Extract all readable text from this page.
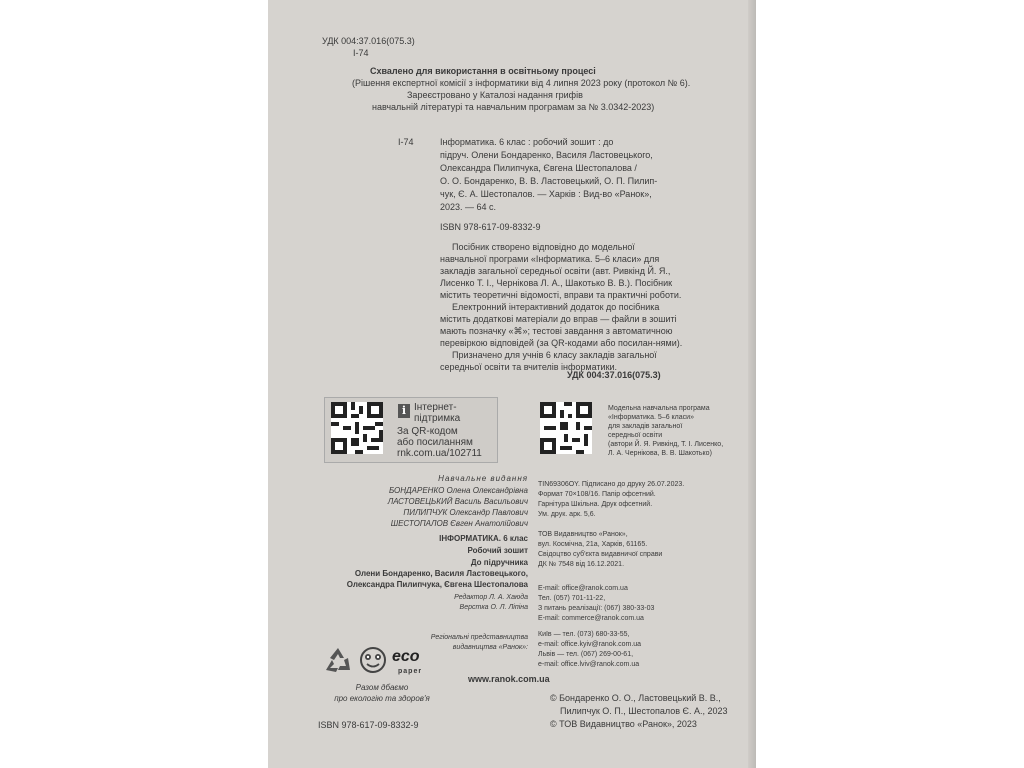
УДК 004:37.016(075.3)
І-74
Схвалено для використання в освітньому процесі
(Рішення експертної комісії з інформатики від 4 липня 2023 року (протокол № 6).
Зареєстровано у Каталозі надання грифів
навчальній літературі та навчальним програмам за № 3.0342-2023)
І-74	Інформатика. 6 клас : робочий зошит : до
підруч. Олени Бондаренко, Василя Ластовецького,
Олександра Пилипчука, Євгена Шестопалова /
О. О. Бондаренко, В. В. Ластовецький, О. П. Пилип-
чук, Є. А. Шестопалов. — Харків : Вид-во «Ранок»,
2023. — 64 с.
ISBN 978-617-09-8332-9
Посібник створено відповідно до модельної
навчальної програми «Інформатика. 5–6 класи» для
закладів загальної середньої освіти (авт. Ривкінд Й. Я.,
Лисенко Т. І., Чернікова Л. А., Шакотько В. В.). Посібник
містить теоретичні відомості, вправи та практичні роботи.
Електронний інтерактивний додаток до посібника
містить додаткові матеріали до вправ — файли в зошиті
мають позначку «⌘»; тестові завдання з автоматичною
перевіркою відповідей (за QR-кодами або посилан-нями).
Призначено для учнів 6 класу закладів загальної
середньої освіти та вчителів інформатики.
УДК 004:37.016(075.3)
i Інтернет-
підтримка
За QR-кодом
або посиланням
rnk.com.ua/102711
Модельна навчальна програма
«Інформатика. 5–6 класи»
для закладів загальної
середньої освіти
(автори Й. Я. Ривкінд, Т. І. Лисенко,
Л. А. Чернікова, В. В. Шакотько)
Навчальне видання
БОНДАРЕНКО Олена Олександрівна
ЛАСТОВЕЦЬКИЙ Василь Васильович
ПИЛИПЧУК Олександр Павлович
ШЕСТОПАЛОВ Євген Анатолійович
ІНФОРМАТИКА. 6 клас
Робочий зошит
До підручника
Олени Бондаренко, Василя Ластовецького,
Олександра Пилипчука, Євгена Шестопалова
Редактор Л. А. Хаюда
Верстка О. Л. Ліпіна
Регіональні представництва
видавництва «Ранок»:
TIN69306OY. Підписано до друку 26.07.2023.
Формат 70×108/16. Папір офсетний.
Гарнітура Шкільна. Друк офсетний.
Ум. друк. арк. 5,6.
ТОВ Видавництво «Ранок»,
вул. Космічна, 21а, Харків, 61165.
Свідоцтво суб'єкта видавничої справи
ДК № 7548 від 16.12.2021.
E-mail: office@ranok.com.ua
Тел. (057) 701-11-22,
З питань реалізації: (067) 380-33-03
E-mail: commerce@ranok.com.ua
Київ — тел. (073) 680-33-55,
e-mail: office.kyiv@ranok.com.ua
Львів — тел. (067) 269-00-61,
e-mail: office.lviv@ranok.com.ua
eco
paper
Разом дбаємо
про екологію та здоров'я
www.ranok.com.ua
© Бондаренко О. О., Ластовецький В. В.,
Пилипчук О. П., Шестопалов Є. А., 2023
© ТОВ Видавництво «Ранок», 2023
ISBN 978-617-09-8332-9
